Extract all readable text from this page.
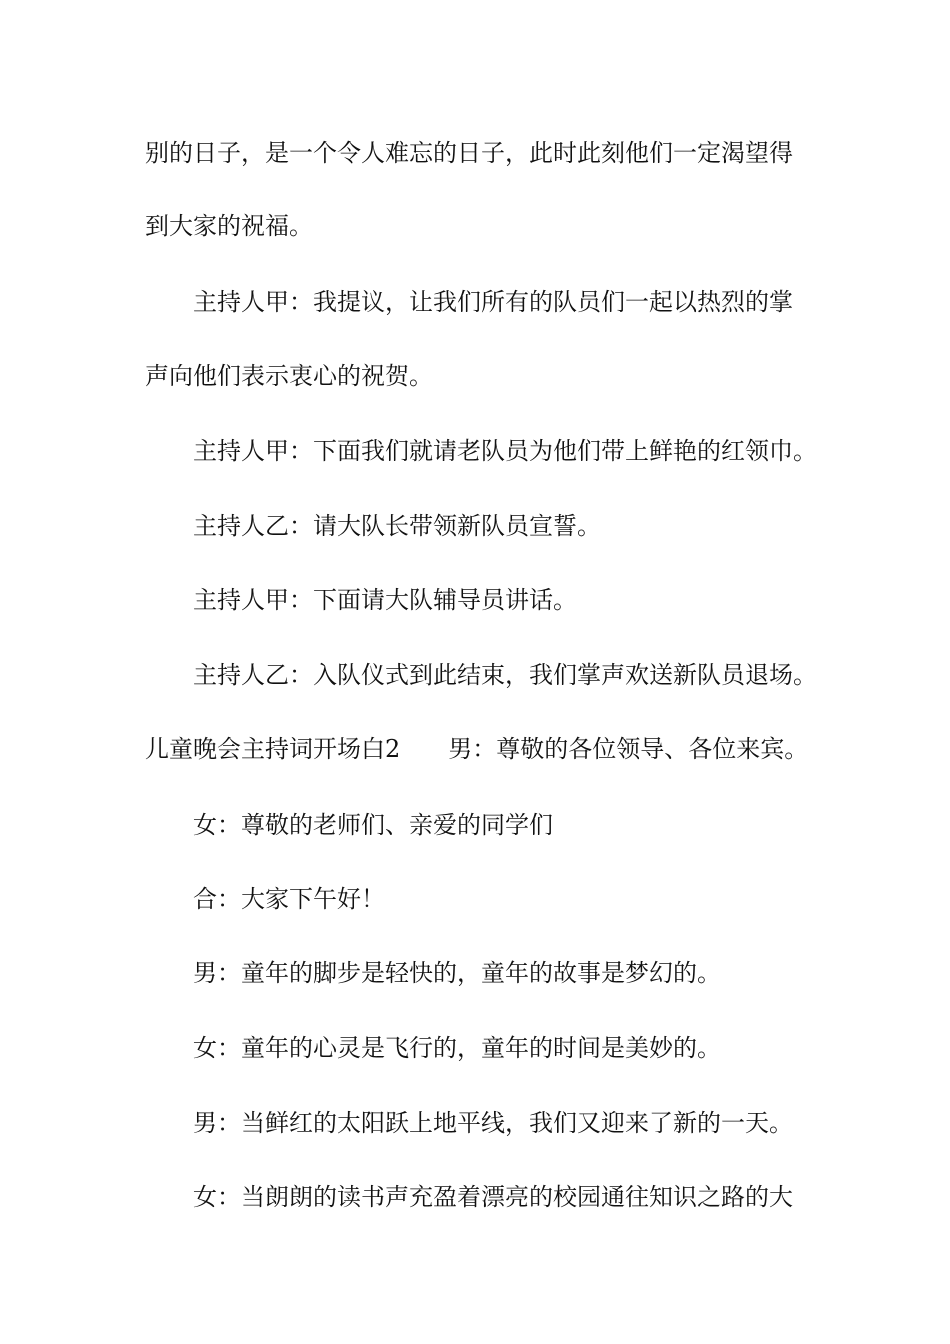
别的日子，是一个令人难忘的日子，此时此刻他们一定渴望得
到大家的祝福。
主持人甲：我提议，让我们所有的队员们一起以热烈的掌
声向他们表示衷心的祝贺。
主持人甲：下面我们就请老队员为他们带上鲜艳的红领巾。
主持人乙：请大队长带领新队员宣誓。
主持人甲：下面请大队辅导员讲话。
主持人乙：入队仪式到此结束，我们掌声欢送新队员退场。
儿童晚会主持词开场白2 男：尊敬的各位领导、各位来宾。
女：尊敬的老师们、亲爱的同学们
合：大家下午好！
男：童年的脚步是轻快的，童年的故事是梦幻的。
女：童年的心灵是飞行的，童年的时间是美妙的。
男：当鲜红的太阳跃上地平线，我们又迎来了新的一天。
女：当朗朗的读书声充盈着漂亮的校园通往知识之路的大
